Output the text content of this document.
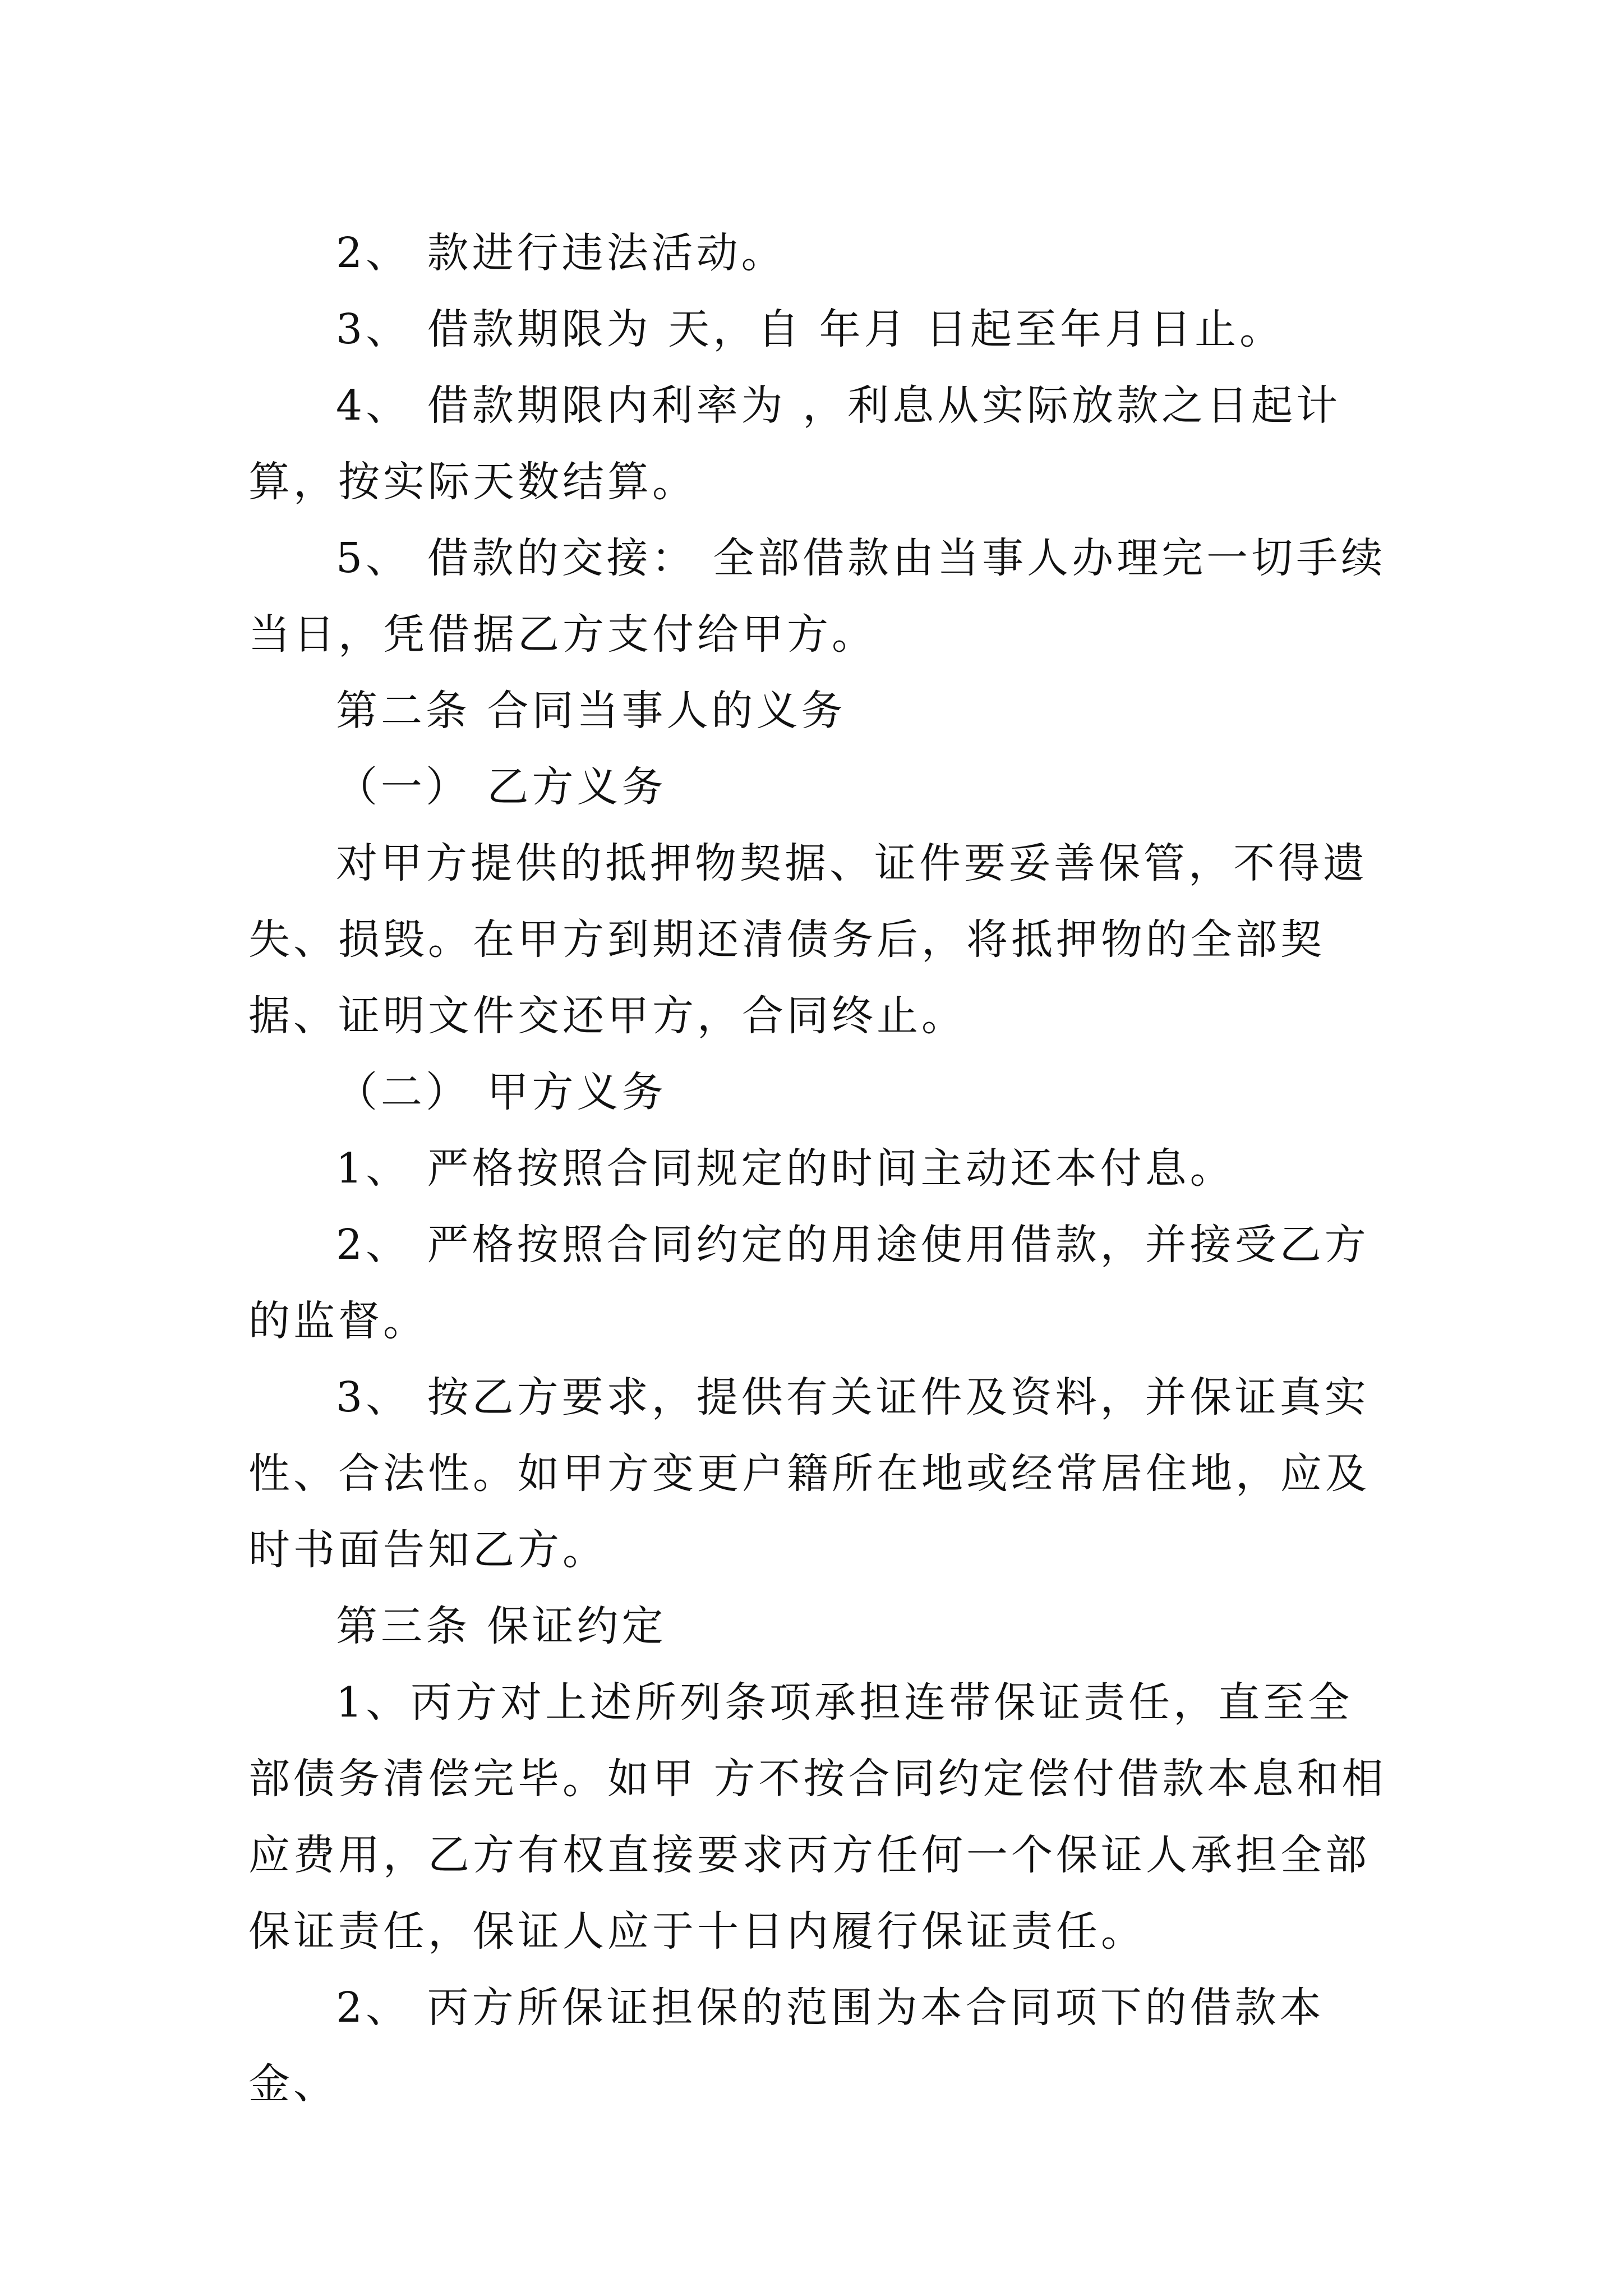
2、 款进行违法活动。

3、 借款期限为 天，自 年月 日起至年月日止。

4、 借款期限内利率为 ，利息从实际放款之日起计算，按实际天数结算。

5、 借款的交接： 全部借款由当事人办理完一切手续当日，凭借据乙方支付给甲方。

第二条 合同当事人的义务

（一） 乙方义务

对甲方提供的抵押物契据、证件要妥善保管，不得遗失、损毁。在甲方到期还清债务后，将抵押物的全部契据、证明文件交还甲方，合同终止。

（二） 甲方义务

1、 严格按照合同规定的时间主动还本付息。

2、 严格按照合同约定的用途使用借款，并接受乙方的监督。

3、 按乙方要求，提供有关证件及资料，并保证真实性、合法性。如甲方变更户籍所在地或经常居住地，应及时书面告知乙方。

第三条 保证约定

1、丙方对上述所列条项承担连带保证责任，直至全部债务清偿完毕。如甲 方不按合同约定偿付借款本息和相应费用，乙方有权直接要求丙方任何一个保证人承担全部保证责任，保证人应于十日内履行保证责任。

2、 丙方所保证担保的范围为本合同项下的借款本金、
